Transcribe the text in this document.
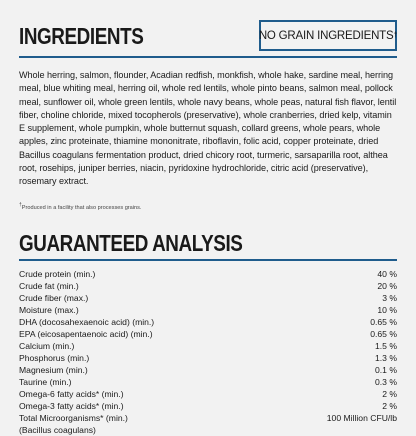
INGREDIENTS	NO GRAIN INGREDIENTS †

Whole herring, salmon, flounder, Acadian redfish, monkfish, whole hake, sardine meal, herring meal, blue whiting meal, herring oil, whole red lentils, whole pinto beans, salmon meal, pollock meal, sunflower oil, whole green lentils, whole navy beans, whole peas, natural fish flavor, lentil fiber, choline chloride, mixed tocopherols (preservative), whole cranberries, dried kelp, vitamin E supplement, whole pumpkin, whole butternut squash, collard greens, whole pears, whole apples, zinc proteinate, thiamine mononitrate, riboflavin, folic acid, copper proteinate, dried Bacillus coagulans fermentation product, dried chicory root, turmeric, sarsaparilla root, althea root, rosehips, juniper berries, niacin, pyridoxine hydrochloride, citric acid (preservative), rosemary extract.

†Produced in a facility that also processes grains.
GUARANTEED ANALYSIS
Crude protein (min.)	40 %
Crude fat (min.)	20 %
Crude fiber (max.)	3 %
Moisture (max.)	10 %
DHA (docosahexaenoic acid) (min.)	0.65 %
EPA (eicosapentaenoic acid) (min.)	0.65 %
Calcium (min.)	1.5 %
Phosphorus (min.)	1.3 %
Magnesium (min.)	0.1 %
Taurine (min.)	0.3 %
Omega-6 fatty acids* (min.)	2 %
Omega-3 fatty acids* (min.)	2 %
Total Microorganisms* (min.)	100 Million CFU/lb
(Bacillus coagulans)	
